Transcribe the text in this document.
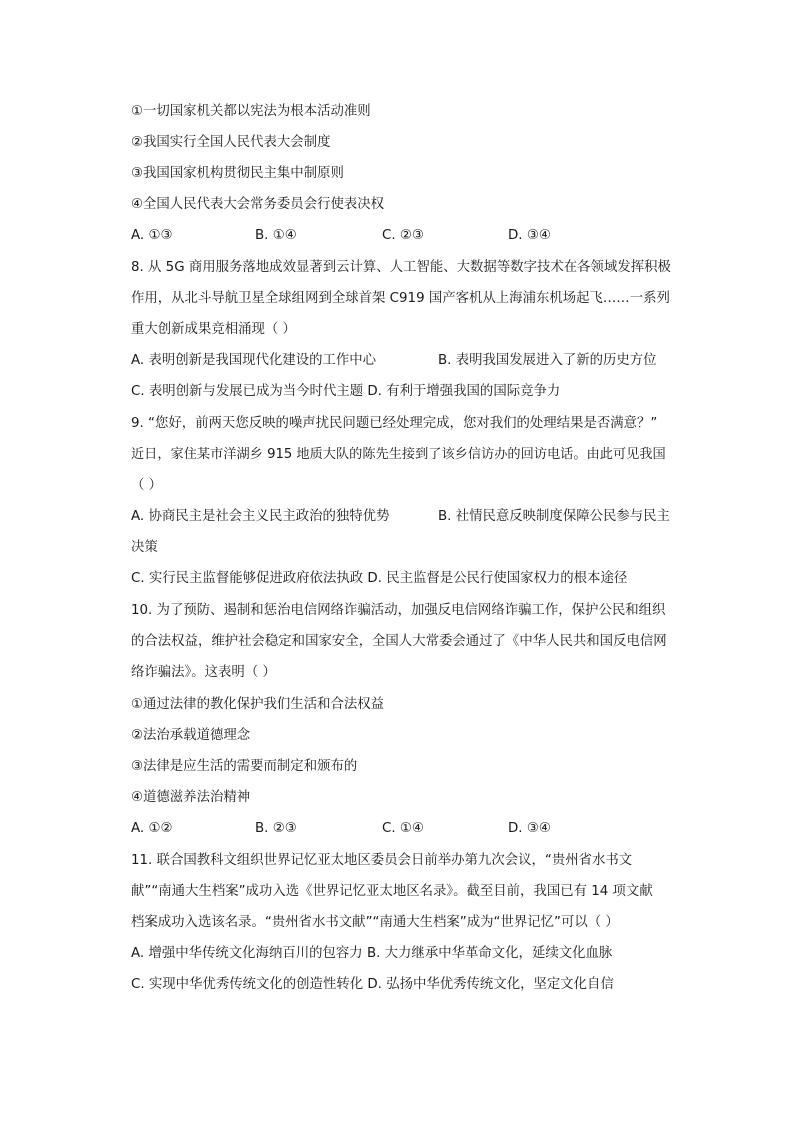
①一切国家机关都以宪法为根本活动准则
②我国实行全国人民代表大会制度
③我国国家机构贯彻民主集中制原则
④全国人民代表大会常务委员会行使表决权
A. ①③	B. ①④	C. ②③	D. ③④
8. 从 5G 商用服务落地成效显著到云计算、人工智能、大数据等数字技术在各领域发挥积极
作用，从北斗导航卫星全球组网到全球首架 C919 国产客机从上海浦东机场起飞……一系列
重大创新成果竞相涌现（ ）
A. 表明创新是我国现代化建设的工作中心	B. 表明我国发展进入了新的历史方位
C. 表明创新与发展已成为当今时代主题 D. 有利于增强我国的国际竞争力
9. “您好，前两天您反映的噪声扰民问题已经处理完成，您对我们的处理结果是否满意？”
近日，家住某市洋湖乡 915 地质大队的陈先生接到了该乡信访办的回访电话。由此可见我国
（ ）
A. 协商民主是社会主义民主政治的独特优势	B. 社情民意反映制度保障公民参与民主
决策
C. 实行民主监督能够促进政府依法执政 D. 民主监督是公民行使国家权力的根本途径
10. 为了预防、遏制和惩治电信网络诈骗活动，加强反电信网络诈骗工作，保护公民和组织
的合法权益，维护社会稳定和国家安全，全国人大常委会通过了《中华人民共和国反电信网
络诈骗法》。这表明（ ）
①通过法律的教化保护我们生活和合法权益
②法治承载道德理念
③法律是应生活的需要而制定和颁布的
④道德滋养法治精神
A. ①②	B. ②③	C. ①④	D. ③④
11. 联合国教科文组织世界记忆亚太地区委员会日前举办第九次会议，“贵州省水书文
献”“南通大生档案”成功入选《世界记忆亚太地区名录》。截至目前，我国已有 14 项文献
档案成功入选该名录。“贵州省水书文献”“南通大生档案”成为“世界记忆”可以（ ）
A. 增强中华传统文化海纳百川的包容力 B. 大力继承中华革命文化，延续文化血脉
C. 实现中华优秀传统文化的创造性转化 D. 弘扬中华优秀传统文化，坚定文化自信
